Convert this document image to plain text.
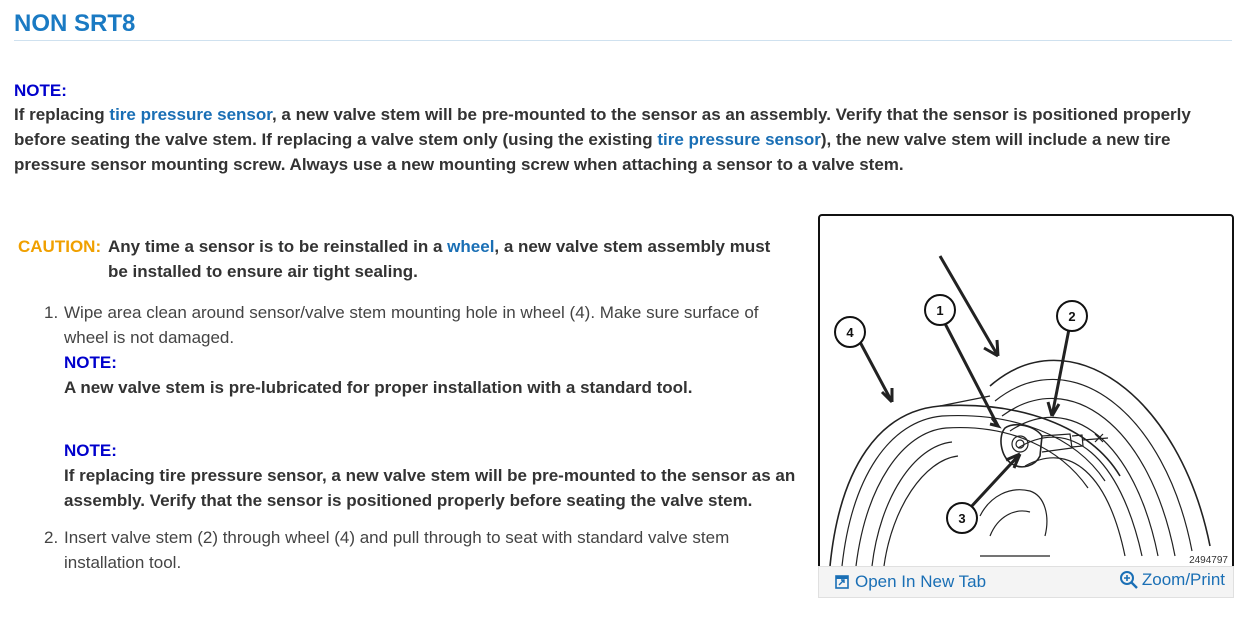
NON SRT8
NOTE:
If replacing tire pressure sensor, a new valve stem will be pre-mounted to the sensor as an assembly. Verify that the sensor is positioned properly before seating the valve stem. If replacing a valve stem only (using the existing tire pressure sensor), the new valve stem will include a new tire pressure sensor mounting screw. Always use a new mounting screw when attaching a sensor to a valve stem.
CAUTION: Any time a sensor is to be reinstalled in a wheel, a new valve stem assembly must be installed to ensure air tight sealing.
1. Wipe area clean around sensor/valve stem mounting hole in wheel (4). Make sure surface of wheel is not damaged.
NOTE:
A new valve stem is pre-lubricated for proper installation with a standard tool.
NOTE:
If replacing tire pressure sensor, a new valve stem will be pre-mounted to the sensor as an assembly. Verify that the sensor is positioned properly before seating the valve stem.
2. Insert valve stem (2) through wheel (4) and pull through to seat with standard valve stem installation tool.
1	2
3
4
2494797
Open In New Tab	Zoom/Print
